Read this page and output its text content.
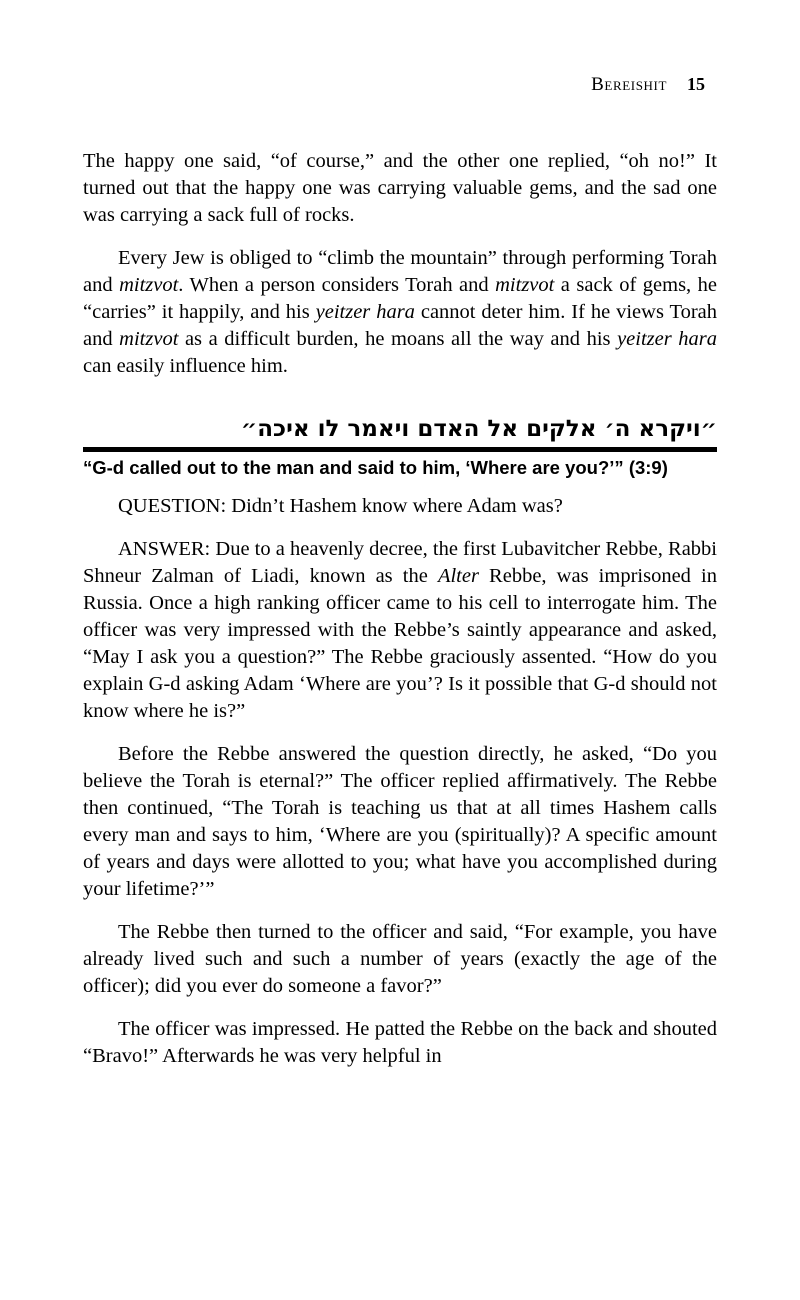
Bereishit 15

The happy one said, “of course,” and the other one replied, “oh no!” It turned out that the happy one was carrying valuable gems, and the sad one was carrying a sack full of rocks.

Every Jew is obliged to “climb the mountain” through performing Torah and mitzvot. When a person considers Torah and mitzvot a sack of gems, he “carries” it happily, and his yeitzer hara cannot deter him. If he views Torah and mitzvot as a difficult burden, he moans all the way and his yeitzer hara can easily influence him.

״ויקרא ה׳ אלקים אל האדם ויאמר לו איכה״
“G-d called out to the man and said to him, ‘Where are you?’” (3:9)

QUESTION: Didn’t Hashem know where Adam was?

ANSWER: Due to a heavenly decree, the first Lubavitcher Rebbe, Rabbi Shneur Zalman of Liadi, known as the Alter Rebbe, was imprisoned in Russia. Once a high ranking officer came to his cell to interrogate him. The officer was very impressed with the Rebbe’s saintly appearance and asked, “May I ask you a question?” The Rebbe graciously assented. “How do you explain G-d asking Adam ‘Where are you’? Is it possible that G-d should not know where he is?”

Before the Rebbe answered the question directly, he asked, “Do you believe the Torah is eternal?” The officer replied affirmatively. The Rebbe then continued, “The Torah is teaching us that at all times Hashem calls every man and says to him, ‘Where are you (spiritually)? A specific amount of years and days were allotted to you; what have you accomplished during your lifetime?’”

The Rebbe then turned to the officer and said, “For example, you have already lived such and such a number of years (exactly the age of the officer); did you ever do someone a favor?”

The officer was impressed. He patted the Rebbe on the back and shouted “Bravo!” Afterwards he was very helpful in
